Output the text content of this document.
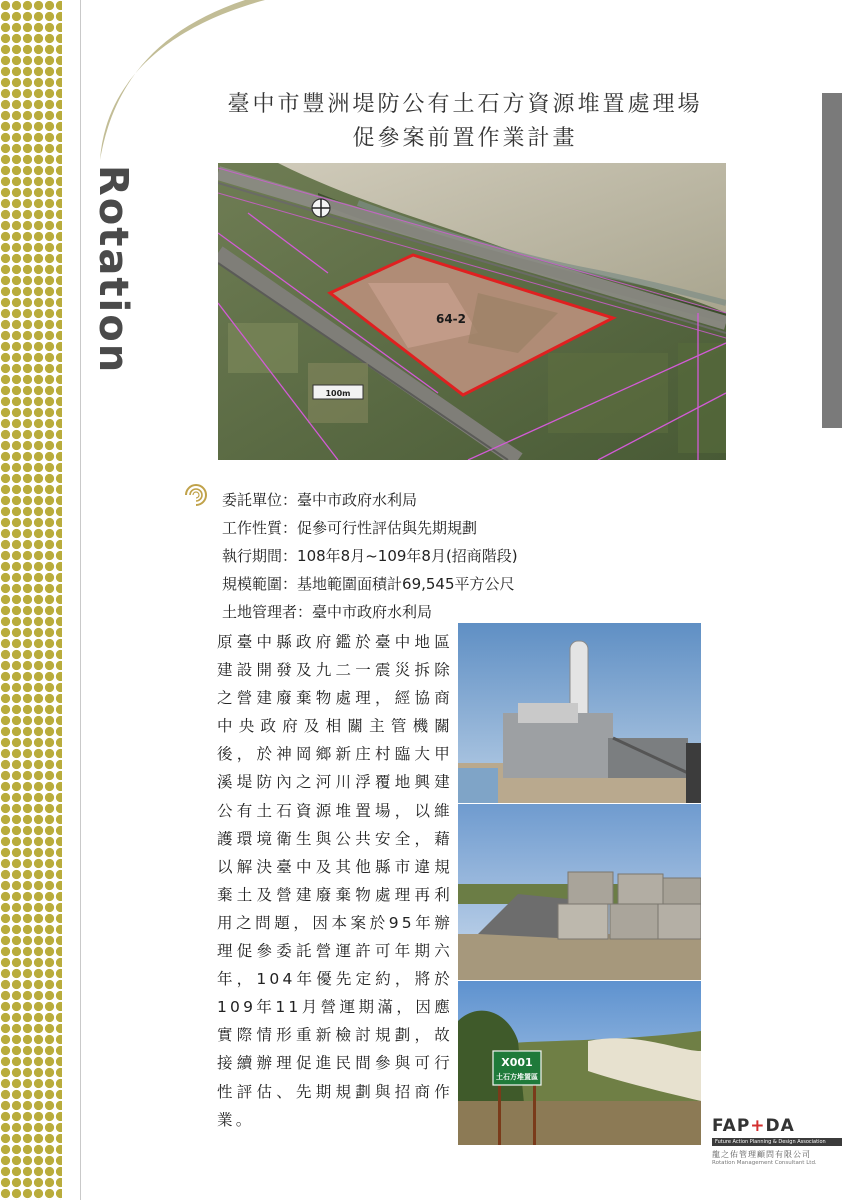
Rotation
臺中市豐洲堤防公有土石方資源堆置處理場
促參案前置作業計畫
100m
64-2
委託單位：臺中市政府水利局
工作性質：促參可行性評估與先期規劃
執行期間：108年8月~109年8月(招商階段)
規模範圍：基地範圍面積計69,545平方公尺
土地管理者：臺中市政府水利局
原臺中縣政府鑑於臺中地區建設開發及九二一震災拆除之營建廢棄物處理，經協商中央政府及相關主管機關後，於神岡鄉新庄村臨大甲溪堤防內之河川浮覆地興建公有土石資源堆置場，以維護環境衛生與公共安全，藉以解決臺中及其他縣市違規棄土及營建廢棄物處理再利用之問題，因本案於95年辦理促參委託營運許可年期六年，104年優先定約，將於109年11月營運期滿，因應實際情形重新檢討規劃，故接續辦理促進民間參與可行性評估、先期規劃與招商作業。
X001
土石方堆置區
FAP+DA
Future Action Planning & Design Association
龍之佑管理顧問有限公司
Rotation Management Consultant Ltd.
